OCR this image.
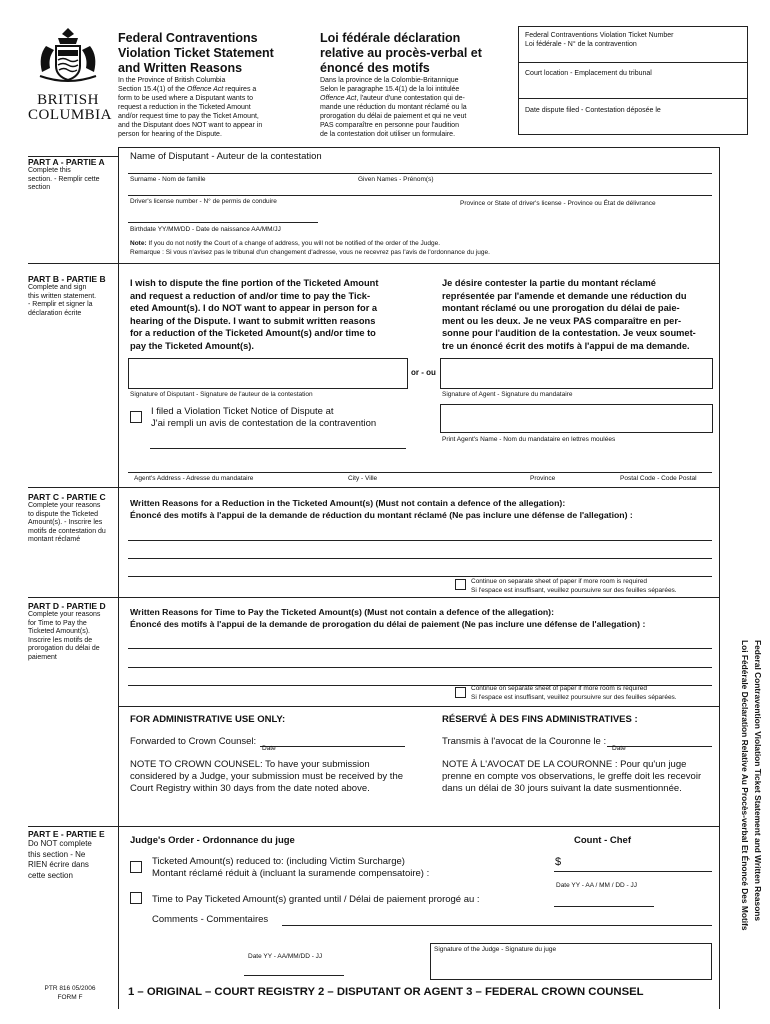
BRITISH
COLUMBIA
Federal Contraventions
Violation Ticket Statement
and Written Reasons
In the Province of British Columbia
Section 15.4(1) of the Offence Act requires a
form to be used where a Disputant wants to
request a reduction in the Ticketed Amount
and/or request time to pay the Ticket Amount,
and the Disputant does NOT want to appear in
person for hearing of the Dispute.
Loi fédérale déclaration
relative au procès-verbal et
énoncé des motifs
Dans la province de la Colombie-Britannique
Selon le paragraphe 15.4(1) de la loi intitulée
Offence Act, l'auteur d'une contestation qui de-
mande une réduction du montant réclamé ou la
prorogation du délai de paiement et qui ne veut
PAS comparaître en personne pour l'audition
de la contestation doit utiliser un formulaire.
Federal Contraventions Violation Ticket Number
Loi fédérale - N° de la contravention
Court location - Emplacement du tribunal
Date dispute filed - Contestation déposée le
PART A - PARTIE A
Complete this
section. - Remplir cette
section
Name of Disputant - Auteur de la contestation
Surname - Nom de famille	Given Names - Prénom(s)
Driver's license number - N° de permis de conduire	Province or State of driver's license - Province ou État de délivrance
Birthdate YY/MM/DD - Date de naissance AA/MM/JJ
Note: If you do not notify the Court of a change of address, you will not be notified of the order of the Judge.
Remarque : Si vous n'avisez pas le tribunal d'un changement d'adresse, vous ne recevrez pas l'avis de l'ordonnance du juge.
PART B - PARTIE B
Complete and sign
this written statement.
- Remplir et signer la
déclaration écrite
I wish to dispute the fine portion of the Ticketed Amount
and request a reduction of and/or time to pay the Tick-
eted Amount(s). I do NOT want to appear in person for a
hearing of the Dispute. I want to submit written reasons
for a reduction of the Ticketed Amount(s) and/or time to
pay the Ticketed Amount(s).
Je désire contester la partie du montant réclamé
représentée par l'amende et demande une réduction du
montant réclamé ou une prorogation du délai de paie-
ment ou les deux. Je ne veux PAS comparaître en per-
sonne pour l'audition de la contestation. Je veux soumet-
tre un énoncé écrit des motifs à l'appui de ma demande.
or - ou
Signature of Disputant - Signature de l'auteur de la contestation	Signature of Agent - Signature du mandataire
I filed a Violation Ticket Notice of Dispute at
J'ai rempli un avis de contestation de la contravention
Print Agent's Name - Nom du mandataire en lettres moulées
Agent's Address - Adresse du mandataire	City - Ville	Province	Postal Code - Code Postal
PART C - PARTIE C
Complete your reasons
to dispute the Ticketed
Amount(s). - Inscrire les
motifs de contestation du
montant réclamé
Written Reasons for a Reduction in the Ticketed Amount(s) (Must not contain a defence of the allegation):
Énoncé des motifs à l'appui de la demande de réduction du montant réclamé (Ne pas inclure une défense de l'allegation) :
Continue on separate sheet of paper if more room is required
Si l'espace est insuffisant, veuillez poursuivre sur des feuilles séparées.
PART D - PARTIE D
Complete your reasons
for Time to Pay the
Ticketed Amount(s).
Inscrire les motifs de
prorogation du délai de
paiement
Written Reasons for Time to Pay the Ticketed Amount(s) (Must not contain a defence of the allegation):
Énoncé des motifs à l'appui de la demande de prorogation du délai de paiement (Ne pas inclure une défense de l'allegation) :
Continue on separate sheet of paper if more room is required
Si l'espace est insuffisant, veuillez poursuivre sur des feuilles séparées.
FOR ADMINISTRATIVE USE ONLY:	RÉSERVÉ À DES FINS ADMINISTRATIVES :
Forwarded to Crown Counsel:
Date
Transmis à l'avocat de la Couronne le :
Date
NOTE TO CROWN COUNSEL: To have your submission
considered by a Judge, your submission must be received by the
Court Registry within 30 days from the date noted above.
NOTE À L'AVOCAT DE LA COURONNE : Pour qu'un juge
prenne en compte vos observations, le greffe doit les recevoir
dans un délai de 30 jours suivant la date susmentionnée.
PART E - PARTIE E
Do NOT complete
this section - Ne
RIEN écrire dans
cette section
Judge's Order - Ordonnance du juge	Count - Chef
Ticketed Amount(s) reduced to: (including Victim Surcharge)
Montant réclamé réduit à (incluant la suramende compensatoire) :
$
Date YY - AA / MM / DD - JJ
Time to Pay Ticketed Amount(s) granted until / Délai de paiement prorogé au :
Comments - Commentaires
Date YY - AA/MM/DD - JJ
Signature of the Judge - Signature du juge
PTR 816 05/2006
FORM F	1 – ORIGINAL – COURT REGISTRY 2 – DISPUTANT OR AGENT 3 – FEDERAL CROWN COUNSEL
Federal Contravention Violation Ticket Statement and Written Reasons
Loi Fédérale Déclaration Relative Au Procès-verbal Et Énoncé Des Motifs
